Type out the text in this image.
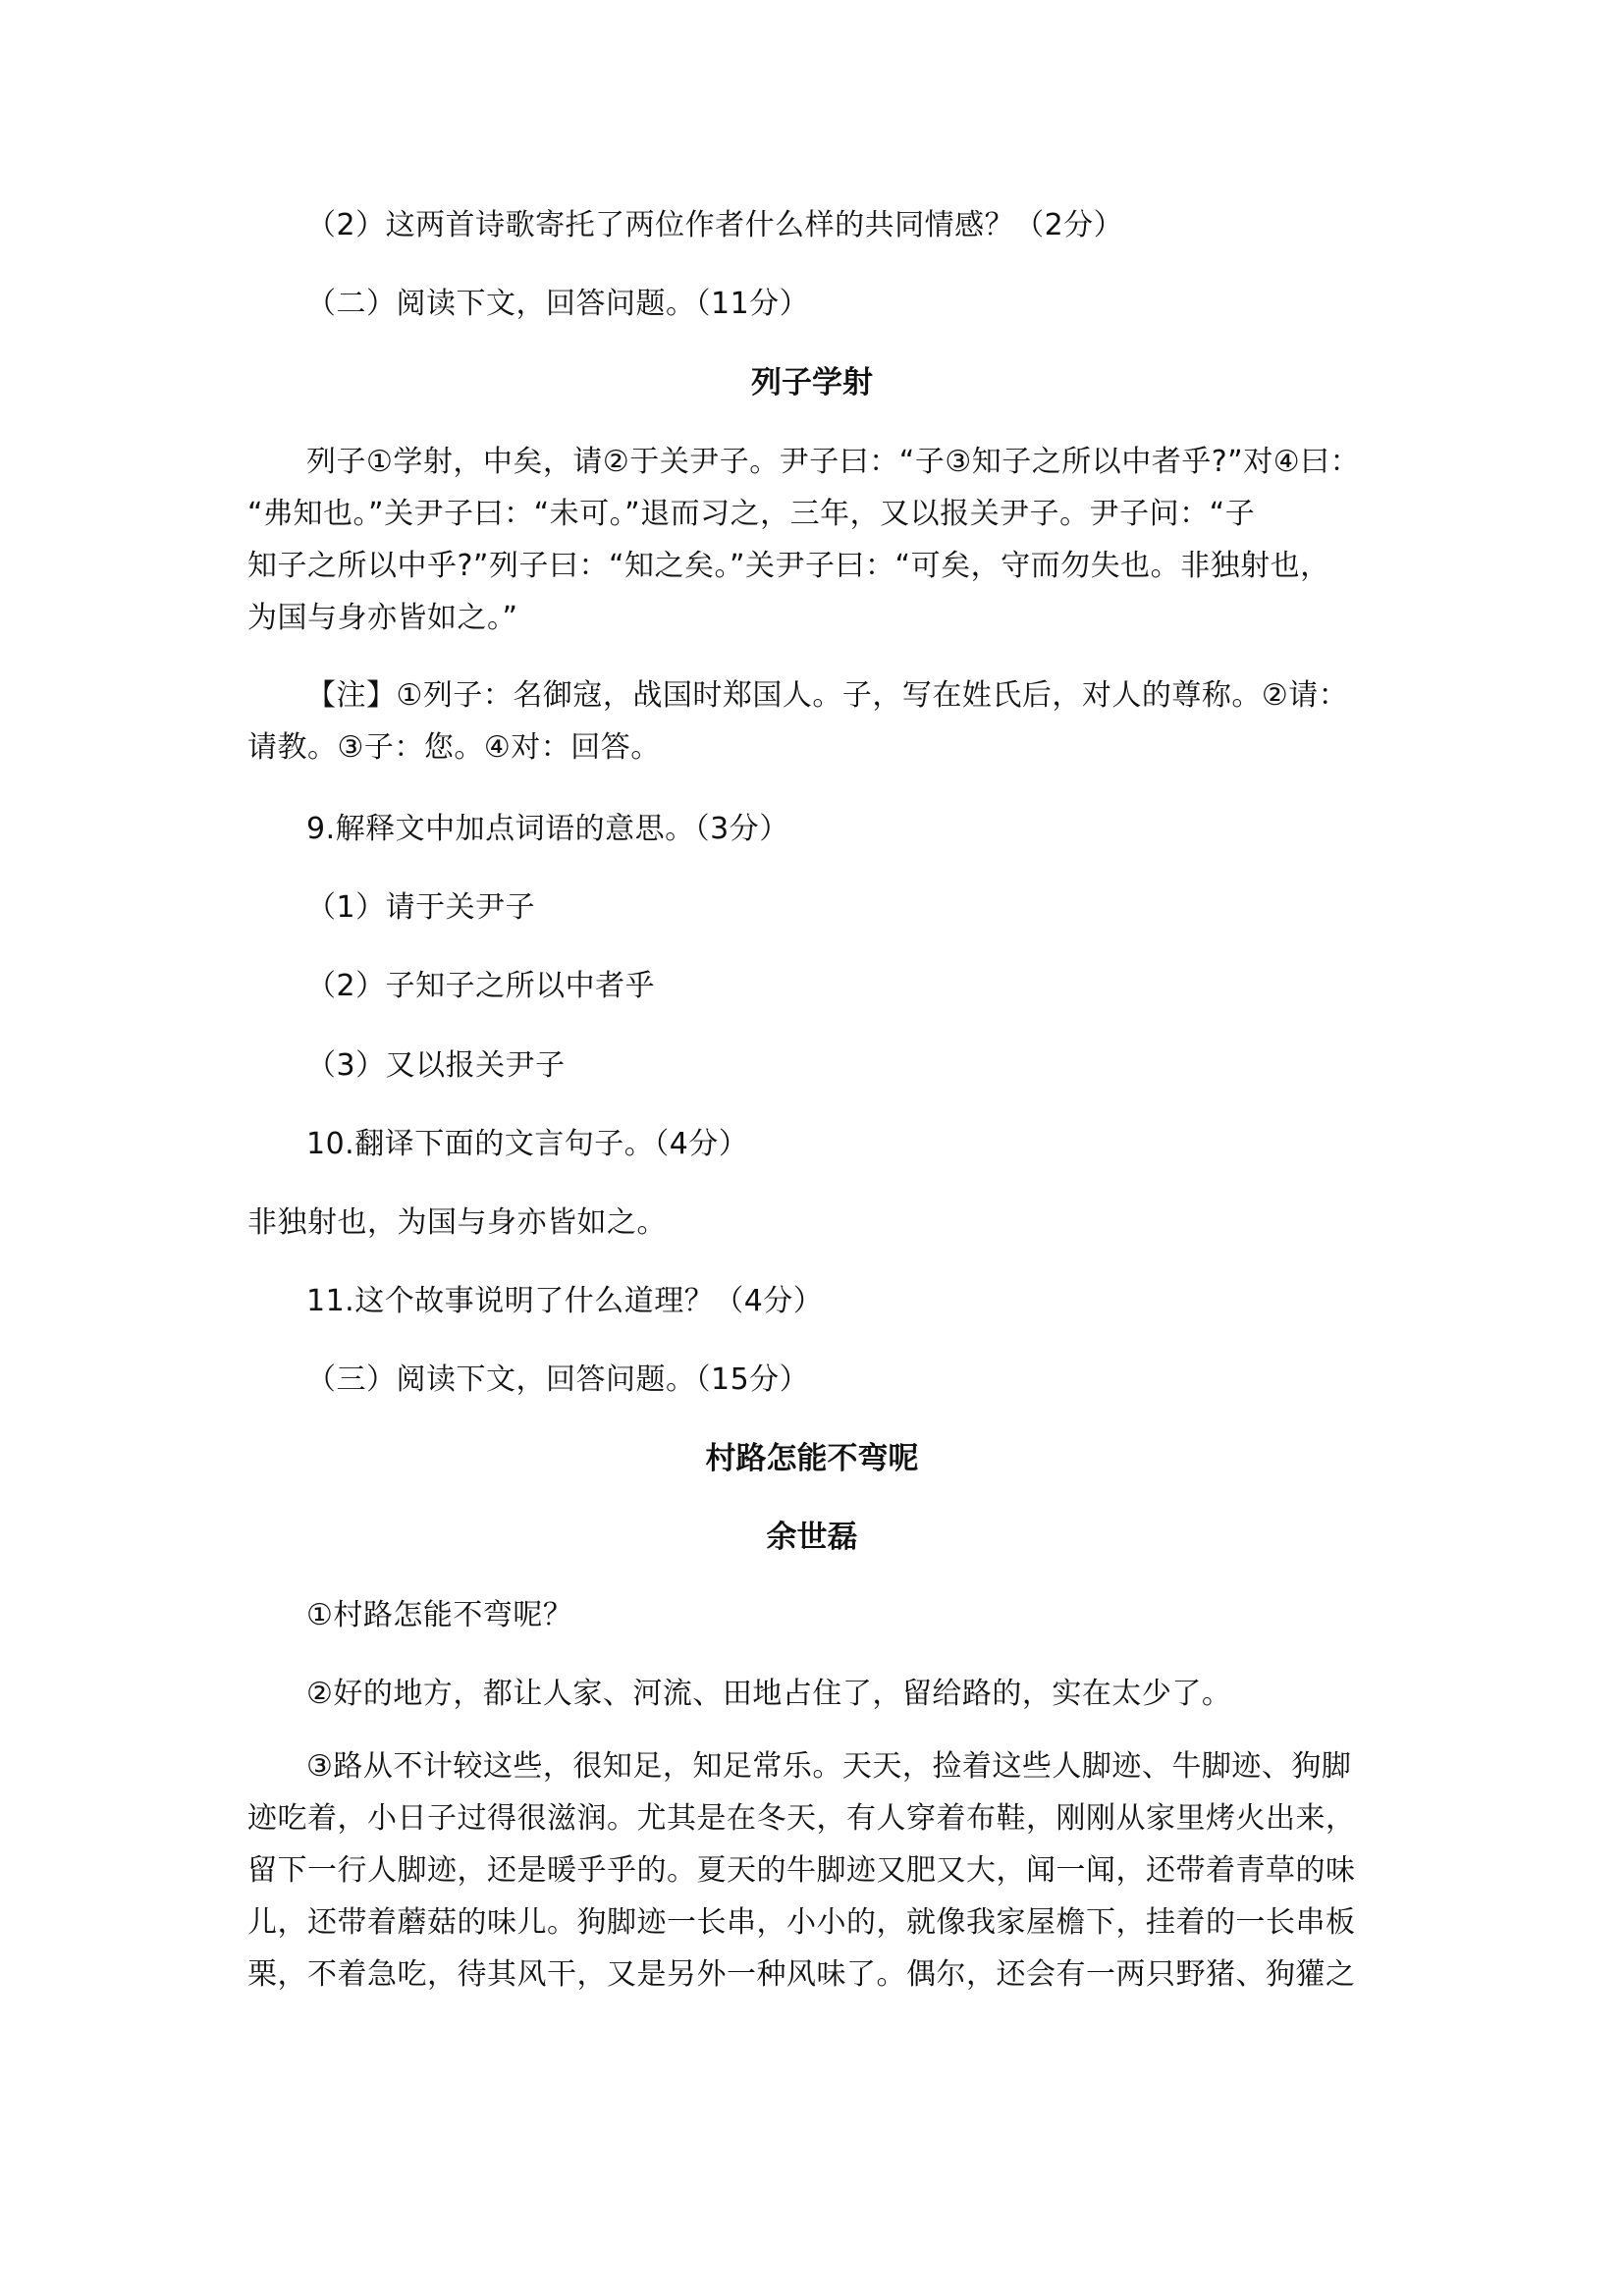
（2）这两首诗歌寄托了两位作者什么样的共同情感？（2分）
（二）阅读下文，回答问题。（11分）
列子学射
列子①学射，中矣，请②于关尹子。尹子曰：“子③知子之所以中者乎?”对④曰：
“弗知也。”关尹子曰：“未可。”退而习之，三年，又以报关尹子。尹子问：“子
知子之所以中乎?”列子曰：“知之矣。”关尹子曰：“可矣，守而勿失也。非独射也，
为国与身亦皆如之。”
【注】①列子：名御寇，战国时郑国人。子，写在姓氏后，对人的尊称。②请：
请教。③子：您。④对：回答。
9.解释文中加点词语的意思。（3分）
（1）请于关尹子
（2）子知子之所以中者乎
（3）又以报关尹子
10.翻译下面的文言句子。（4分）
非独射也，为国与身亦皆如之。
11.这个故事说明了什么道理？（4分）
（三）阅读下文，回答问题。（15分）
村路怎能不弯呢
余世磊
①村路怎能不弯呢？
②好的地方，都让人家、河流、田地占住了，留给路的，实在太少了。
③路从不计较这些，很知足，知足常乐。天天，捡着这些人脚迹、牛脚迹、狗脚
迹吃着，小日子过得很滋润。尤其是在冬天，有人穿着布鞋，刚刚从家里烤火出来，
留下一行人脚迹，还是暖乎乎的。夏天的牛脚迹又肥又大，闻一闻，还带着青草的味
儿，还带着蘑菇的味儿。狗脚迹一长串，小小的，就像我家屋檐下，挂着的一长串板
栗，不着急吃，待其风干，又是另外一种风味了。偶尔，还会有一两只野猪、狗獾之
